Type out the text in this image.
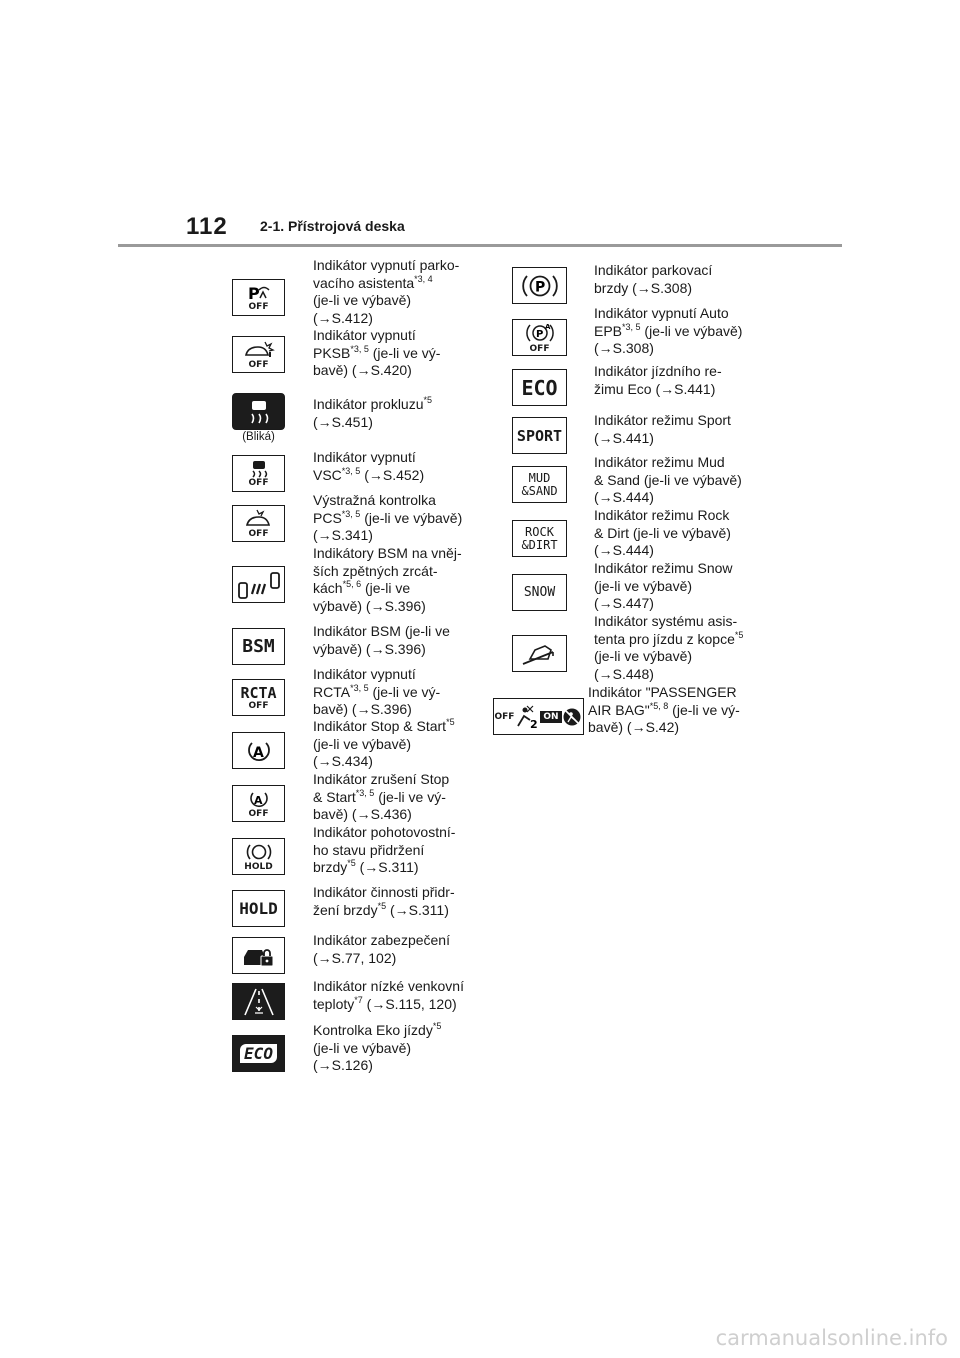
112 2-1. Přístrojová deska
P
OFF
OFF
(Bliká)
OFF
OFF
BSM
RCTA
OFF
A
A
OFF
HOLD
HOLD
ECO
Indikátor vypnutí parko-
vacího asistenta$^{*3, 4}$
(je-li ve výbavě)
(→S.412)
Indikátor vypnutí
PKSB$^{*3, 5}$ (je-li ve vý-
bavě) (→S.420)
Indikátor prokluzu$^{*5}$
(→S.451)
Indikátor vypnutí
VSC$^{*3, 5}$ (→S.452)
Výstražná kontrolka
PCS$^{*3, 5}$ (je-li ve výbavě)
(→S.341)
Indikátory BSM na vněj-
ších zpětných zrcát-
kách$^{*5, 6}$ (je-li ve
výbavě) (→S.396)
Indikátor BSM (je-li ve
výbavě) (→S.396)
Indikátor vypnutí
RCTA$^{*3, 5}$ (je-li ve vý-
bavě) (→S.396)
Indikátor Stop & Start$^{*5}$
(je-li ve výbavě)
(→S.434)
Indikátor zrušení Stop
& Start$^{*3, 5}$ (je-li ve vý-
bavě) (→S.436)
Indikátor pohotovostní-
ho stavu přidržení
brzdy$^{*5}$ (→S.311)
Indikátor činnosti přidr-
žení brzdy$^{*5}$ (→S.311)
Indikátor zabezpečení
(→S.77, 102)
Indikátor nízké venkovní
teploty$^{*7}$ (→S.115, 120)
Kontrolka Eko jízdy$^{*5}$
(je-li ve výbavě)
(→S.126)
P
P
A
OFF
ECO
SPORT
MUD
&SAND
ROCK
&DIRT
SNOW
OFF
2
ON
Indikátor parkovací
brzdy (→S.308)
Indikátor vypnutí Auto
EPB$^{*3, 5}$ (je-li ve výbavě)
(→S.308)
Indikátor jízdního re-
žimu Eco (→S.441)
Indikátor režimu Sport
(→S.441)
Indikátor režimu Mud
& Sand (je-li ve výbavě)
(→S.444)
Indikátor režimu Rock
& Dirt (je-li ve výbavě)
(→S.444)
Indikátor režimu Snow
(je-li ve výbavě)
(→S.447)
Indikátor systému asis-
tenta pro jízdu z kopce$^{*5}$
(je-li ve výbavě)
(→S.448)
Indikátor "PASSENGER
AIR BAG"$^{*5, 8}$ (je-li ve vý-
bavě) (→S.42)
carmanualsonline.info
